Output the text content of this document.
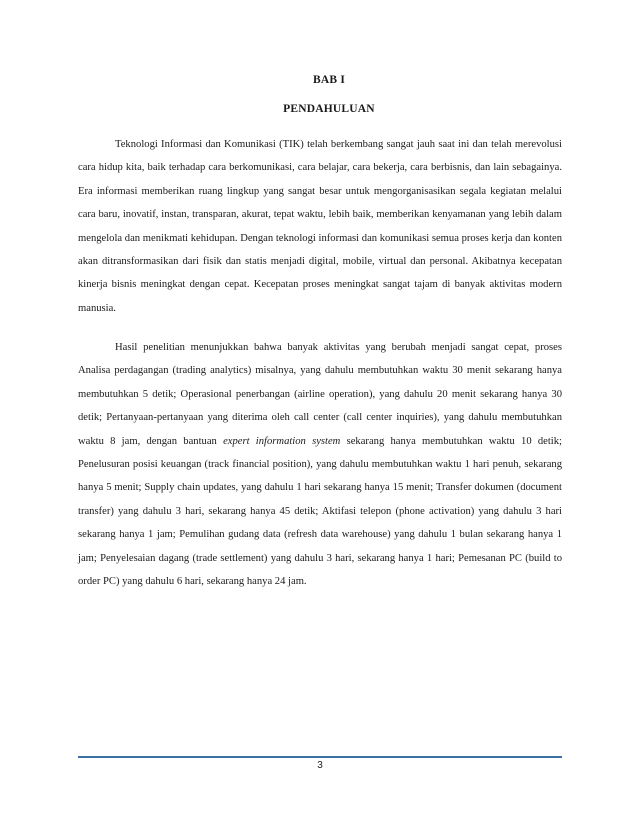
BAB I
PENDAHULUAN

Teknologi Informasi dan Komunikasi (TIK) telah berkembang sangat jauh saat ini dan telah merevolusi cara hidup kita, baik terhadap cara berkomunikasi, cara belajar, cara bekerja, cara berbisnis, dan lain sebagainya. Era informasi memberikan ruang lingkup yang sangat besar untuk mengorganisasikan segala kegiatan melalui cara baru, inovatif, instan, transparan, akurat, tepat waktu, lebih baik, memberikan kenyamanan yang lebih dalam mengelola dan menikmati kehidupan. Dengan teknologi informasi dan komunikasi semua proses kerja dan konten akan ditransformasikan dari fisik dan statis menjadi digital, mobile, virtual dan personal. Akibatnya kecepatan kinerja bisnis meningkat dengan cepat. Kecepatan proses meningkat sangat tajam di banyak aktivitas modern manusia.

Hasil penelitian menunjukkan bahwa banyak aktivitas yang berubah menjadi sangat cepat, proses Analisa perdagangan (trading analytics) misalnya, yang dahulu membutuhkan waktu 30 menit sekarang hanya membutuhkan 5 detik; Operasional penerbangan (airline operation), yang dahulu 20 menit sekarang hanya 30 detik; Pertanyaan-pertanyaan yang diterima oleh call center (call center inquiries), yang dahulu membutuhkan waktu 8 jam, dengan bantuan expert information system sekarang hanya membutuhkan waktu 10 detik; Penelusuran posisi keuangan (track financial position), yang dahulu membutuhkan waktu 1 hari penuh, sekarang hanya 5 menit; Supply chain updates, yang dahulu 1 hari sekarang hanya 15 menit; Transfer dokumen (document transfer) yang dahulu 3 hari, sekarang hanya 45 detik; Aktifasi telepon (phone activation) yang dahulu 3 hari sekarang hanya 1 jam; Pemulihan gudang data (refresh data warehouse) yang dahulu 1 bulan sekarang hanya 1 jam; Penyelesaian dagang (trade settlement) yang dahulu 3 hari, sekarang hanya 1 hari; Pemesanan PC (build to order PC) yang dahulu 6 hari, sekarang hanya 24 jam.

3
